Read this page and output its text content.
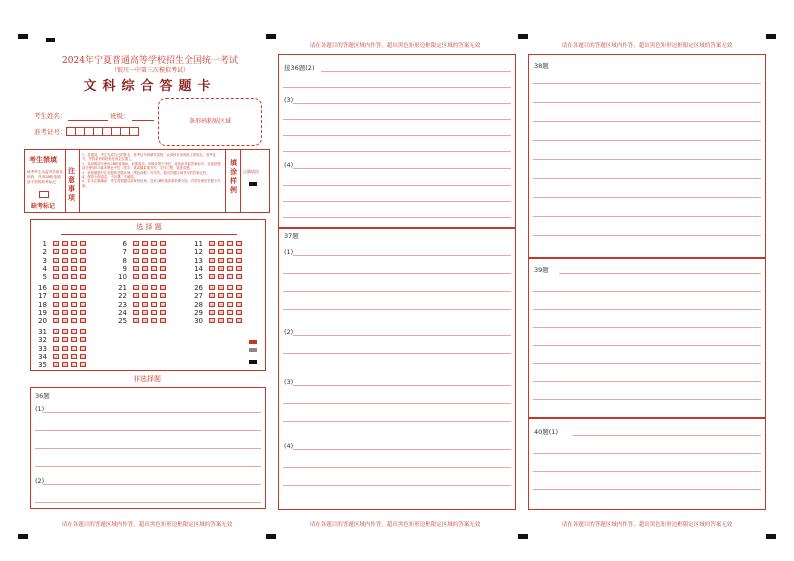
2024年宁夏普通高等学校招生全国统一考试
（银川一中第三次模拟考试）
文科综合答题卡
考生姓名：	班级：
准考证号：
条形码粘贴区域
考生禁填
缺考考生由监考员贴条形码，并用2B铅笔填涂下面的缺考标记
缺考标记
注
意
事
项
1．答题前，考生先将自己的姓名、准考证号码填写清楚，认真核对条形码上的姓名、准考证号，并将条形码粘贴在指定位置上。
2．选择题部分使用2B铅笔填涂，如需改动，用橡皮擦干净后，再选涂其他答案标号；非选择题部分使用0.5毫米黑色中性（签字）笔或碳素笔书写，字体工整，笔迹清楚。
3．请按照题号在各题的答题区域（黑色线框）内作答，超出答题区域书写的答案无效。
4．保持卡面清洁，不折叠，不破损。
5．若未正确填涂，考生将根据以前规则处理，没有2B铅笔或者折叠卡面，有效处理后答题卡作废。
填
涂
样
例
正确填涂
选 择 题
1 [A] [B] [C] [D]
2 [A] [B] [C] [D]
3 [A] [B] [C] [D]
4 [A] [B] [C] [D]
5 [A] [B] [C] [D]
6 [A] [B] [C] [D]
7 [A] [B] [C] [D]
8 [A] [B] [C] [D]
9 [A] [B] [C] [D]
10 [A] [B] [C] [D]
11 [A] [B] [C] [D]
12 [A] [B] [C] [D]
13 [A] [B] [C] [D]
14 [A] [B] [C] [D]
15 [A] [B] [C] [D]
16 [A] [B] [C] [D]
17 [A] [B] [C] [D]
18 [A] [B] [C] [D]
19 [A] [B] [C] [D]
20 [A] [B] [C] [D]
21 [A] [B] [C] [D]
22 [A] [B] [C] [D]
23 [A] [B] [C] [D]
24 [A] [B] [C] [D]
25 [A] [B] [C] [D]
26 [A] [B] [C] [D]
27 [A] [B] [C] [D]
28 [A] [B] [C] [D]
29 [A] [B] [C] [D]
30 [A] [B] [C] [D]
31 [A] [B] [C] [D]
32 [A] [B] [C] [D]
33 [A] [B] [C] [D]
34 [A] [B] [C] [D]
35 [A] [B] [C] [D]
非选择题
36题
(1)
(2)
请在各题目的答题区域内作答，超出黑色矩形边框限定区域的答案无效
请在各题目的答题区域内作答，超出黑色矩形边框限定区域的答案无效
接36题(2)
(3)
(4)
37题
(1)
(2)
(3)
(4)
请在各题目的答题区域内作答，超出黑色矩形边框限定区域的答案无效
请在各题目的答题区域内作答，超出黑色矩形边框限定区域的答案无效
38题
39题
40题(1)
请在各题目的答题区域内作答，超出黑色矩形边框限定区域的答案无效
